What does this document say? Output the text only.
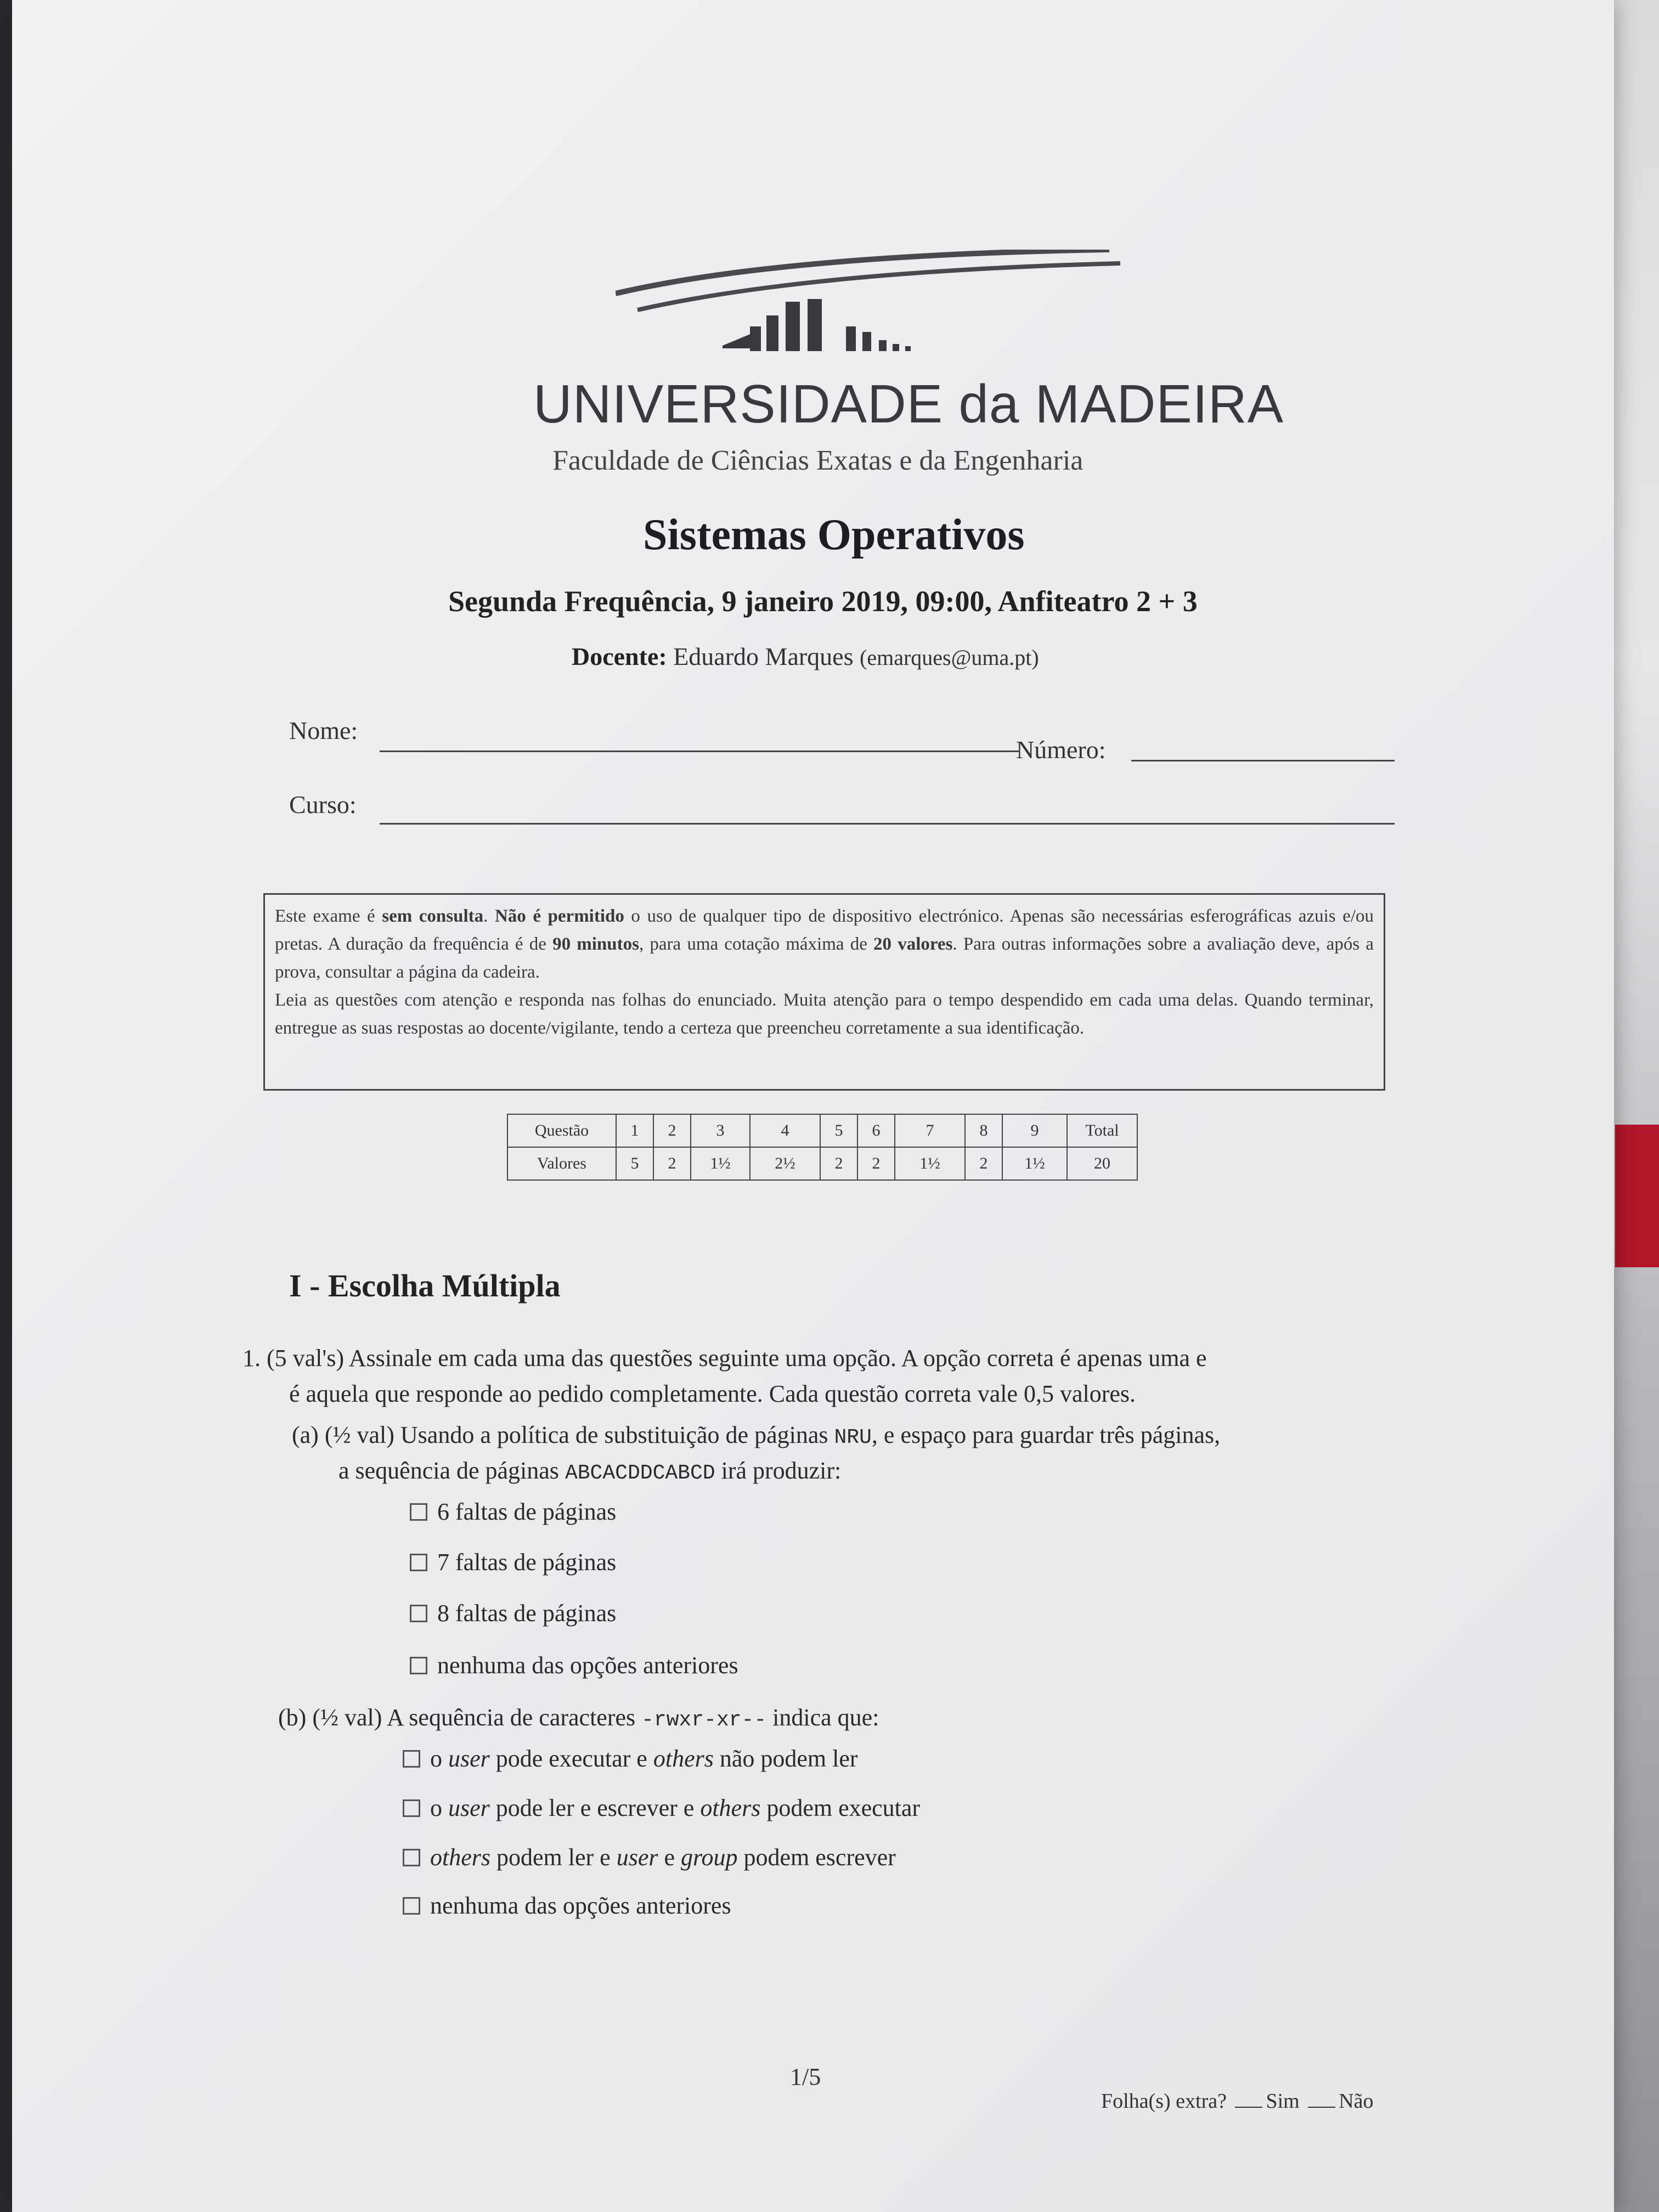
UNIVERSIDADE da MADEIRA
Faculdade de Ciências Exatas e da Engenharia
Sistemas Operativos
Segunda Frequência, 9 janeiro 2019, 09:00, Anfiteatro 2 + 3
Docente: Eduardo Marques (emarques@uma.pt)
Nome:
Número:
Curso:

Este exame é sem consulta. Não é permitido o uso de qualquer tipo de dispositivo electrónico. Apenas são necessárias esferográficas azuis e/ou pretas. A duração da frequência é de 90 minutos, para uma cotação máxima de 20 valores. Para outras informações sobre a avaliação deve, após a prova, consultar a página da cadeira.

Leia as questões com atenção e responda nas folhas do enunciado. Muita atenção para o tempo despendido em cada uma delas. Quando terminar, entregue as suas respostas ao docente/vigilante, tendo a certeza que preencheu corretamente a sua identificação.

Questão	1	2	3	4	5	6	7	8	9	Total
Valores	5	2	1½	2½	2	2	1½	2	1½	20
I - Escolha Múltipla
1. (5 val's) Assinale em cada uma das questões seguinte uma opção. A opção correta é apenas uma e
é aquela que responde ao pedido completamente. Cada questão correta vale 0,5 valores.
(a) (½ val) Usando a política de substituição de páginas NRU, e espaço para guardar três páginas,
a sequência de páginas ABCACDDCABCD irá produzir:
6 faltas de páginas
7 faltas de páginas
8 faltas de páginas
nenhuma das opções anteriores
(b) (½ val) A sequência de caracteres -rwxr-xr-- indica que:
o user pode executar e others não podem ler
o user pode ler e escrever e others podem executar
others podem ler e user e group podem escrever
nenhuma das opções anteriores
1/5
Folha(s) extra? Sim Não
